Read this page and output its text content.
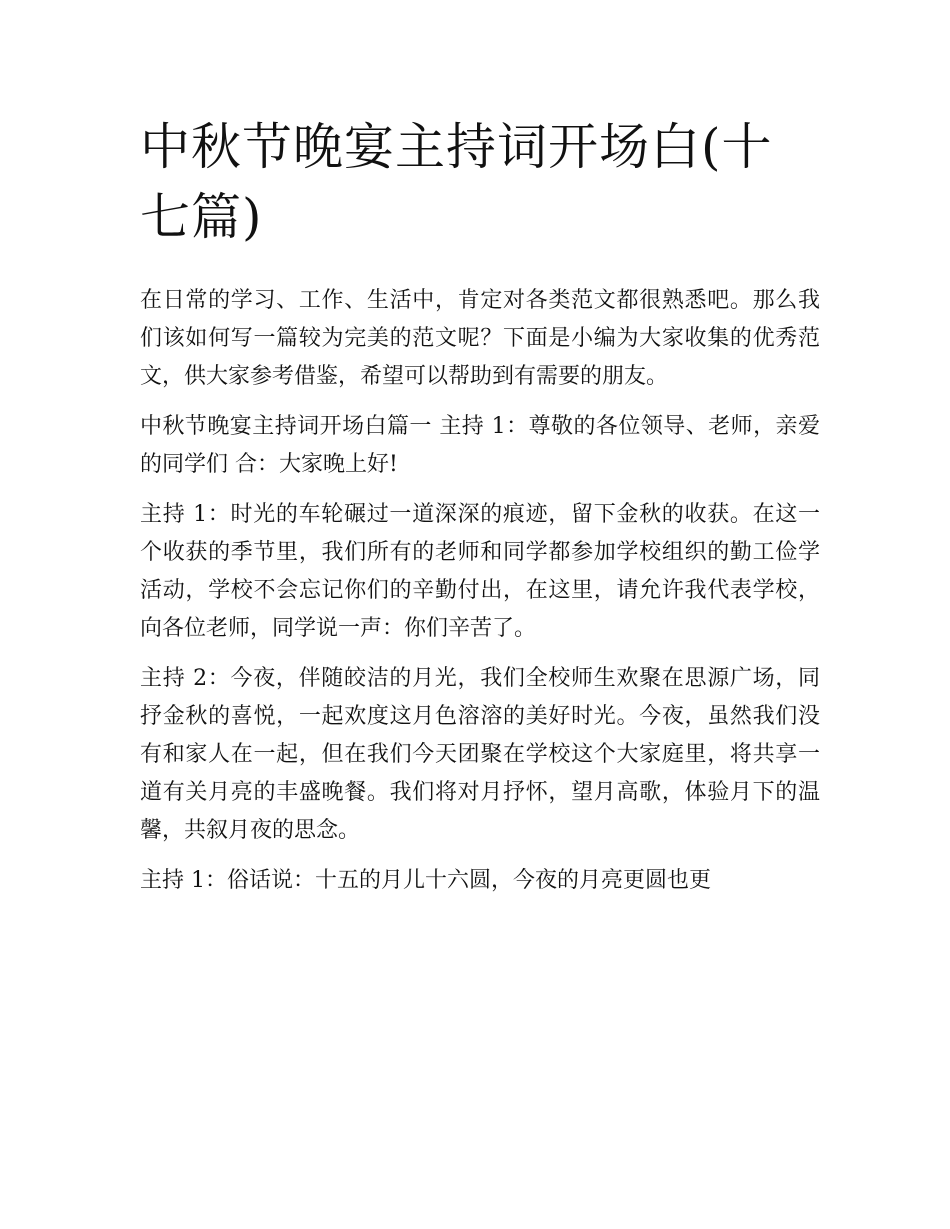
中秋节晚宴主持词开场白(十七篇)

在日常的学习、工作、生活中，肯定对各类范文都很熟悉吧。那么我们该如何写一篇较为完美的范文呢？下面是小编为大家收集的优秀范文，供大家参考借鉴，希望可以帮助到有需要的朋友。

中秋节晚宴主持词开场白篇一 主持 1：尊敬的各位领导、老师，亲爱的同学们 合：大家晚上好!

主持 1：时光的车轮碾过一道深深的痕迹，留下金秋的收获。在这一个收获的季节里，我们所有的老师和同学都参加学校组织的勤工俭学活动，学校不会忘记你们的辛勤付出，在这里，请允许我代表学校，向各位老师，同学说一声：你们辛苦了。

主持 2：今夜，伴随皎洁的月光，我们全校师生欢聚在思源广场，同抒金秋的喜悦，一起欢度这月色溶溶的美好时光。今夜，虽然我们没有和家人在一起，但在我们今天团聚在学校这个大家庭里，将共享一道有关月亮的丰盛晚餐。我们将对月抒怀，望月高歌，体验月下的温馨，共叙月夜的思念。

主持 1：俗话说：十五的月儿十六圆，今夜的月亮更圆也更
